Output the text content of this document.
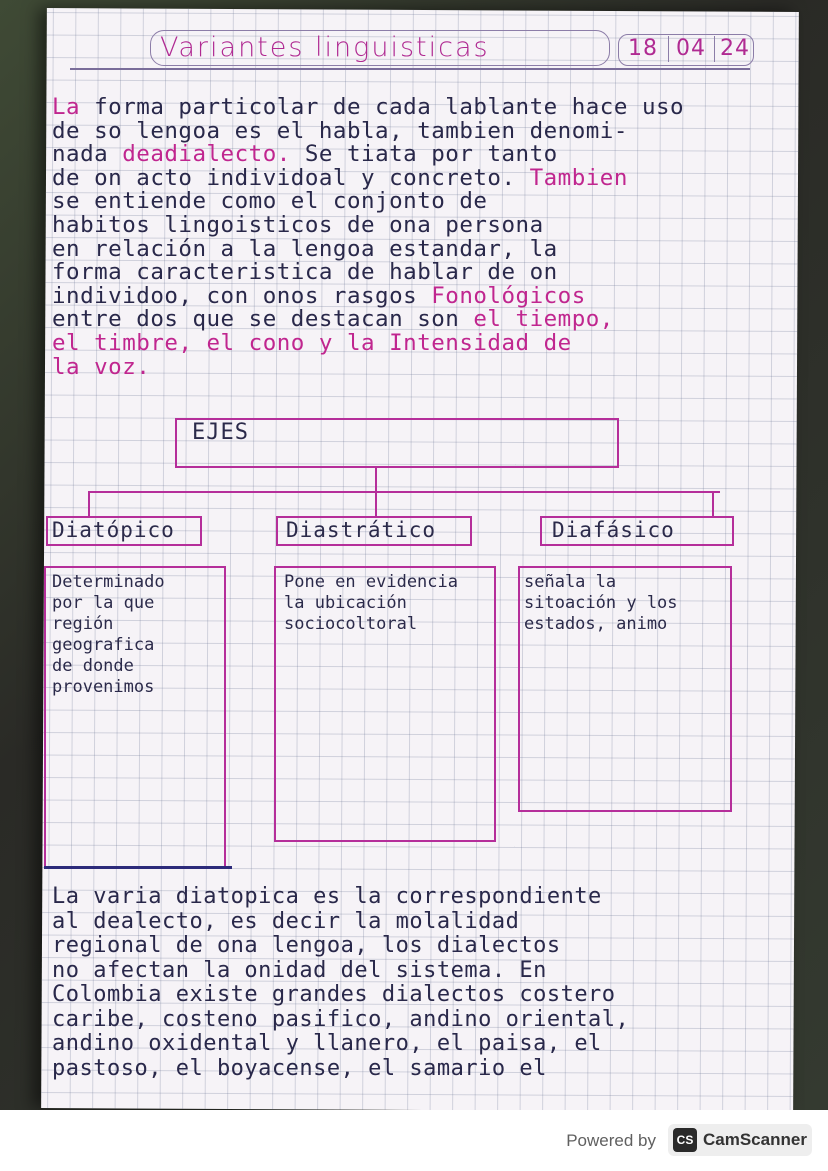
Variantes linguisticas	18 04 24
La forma particolar de cada lablante hace uso
de so lengoa es el habla, tambien denomi-
nada deadialecto. Se tiata por tanto
de on acto individoal y concreto. Tambien
se entiende como el conjonto de
habitos lingoisticos de ona persona
en relación a la lengoa estandar, la
forma caracteristica de hablar de on
individoo, con onos rasgos Fonológicos
entre dos que se destacan son el tiempo,
el timbre, el cono y la Intensidad de
la voz.
EJES
Diatópico	Diastrático	Diafásico
Determinado
por la que
región geografica
de donde provenimos
Pone en evidencia
la ubicación
sociocoltoral
señala la
sitoación y los
estados, animo
La varia diatopica es la correspondiente
al dealecto, es decir la molalidad
regional de ona lengoa, los dialectos
no afectan la onidad del sistema. En
Colombia existe grandes dialectos costero
caribe, costeno pasifico, andino oriental,
andino oxidental y llanero, el paisa, el
pastoso, el boyacense, el samario el
Powered by	CS CamScanner
